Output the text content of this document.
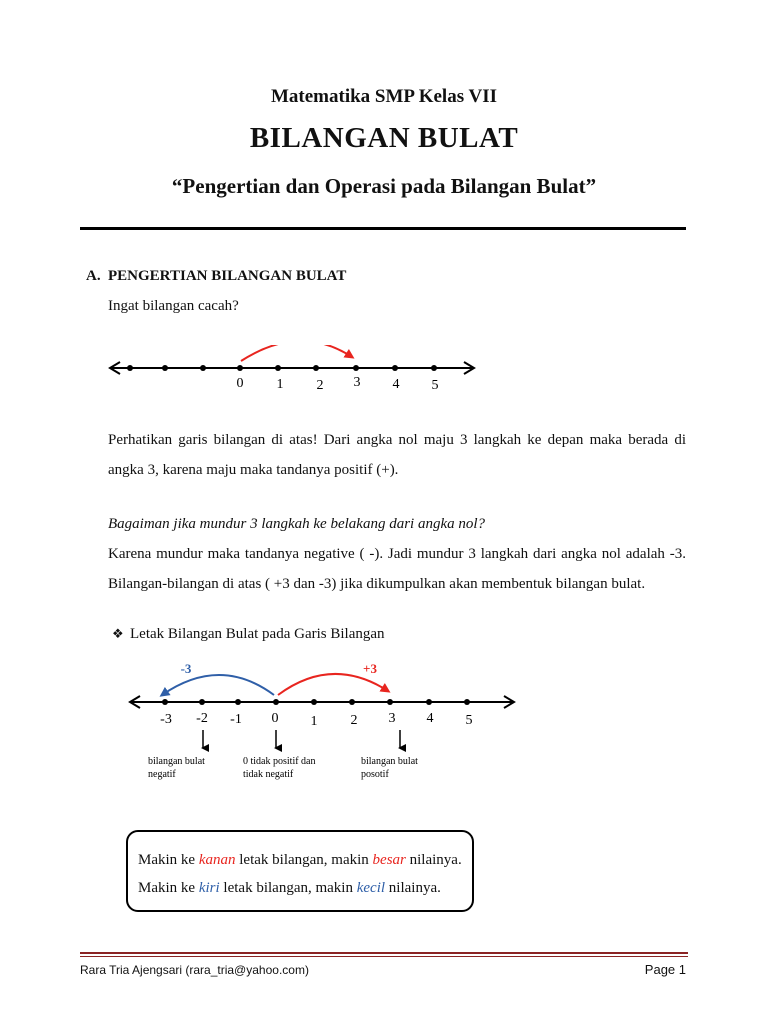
Matematika SMP Kelas VII
BILANGAN BULAT
“Pengertian dan Operasi pada Bilangan Bulat”
A. PENGERTIAN BILANGAN BULAT
Ingat bilangan cacah?
0 1 2 3 4 5
Perhatikan garis bilangan di atas! Dari angka nol maju 3 langkah ke depan maka berada di angka 3, karena maju maka tandanya positif (+).
Bagaiman jika mundur 3 langkah ke belakang dari angka nol?
Karena mundur maka tandanya negative ( -). Jadi mundur 3 langkah dari angka nol adalah -3. Bilangan-bilangan di atas ( +3 dan -3) jika dikumpulkan akan membentuk bilangan bulat.
❖ Letak Bilangan Bulat pada Garis Bilangan
-3	+3
-3 -2 -1 0 1 2 3 4 5
bilangan bulat
negatif
0 tidak positif dan
tidak negatif
bilangan bulat
posotif
Makin ke kanan letak bilangan, makin besar nilainya.
Makin ke kiri letak bilangan, makin kecil nilainya.
Rara Tria Ajengsari (rara_tria@yahoo.com)	Page 1
